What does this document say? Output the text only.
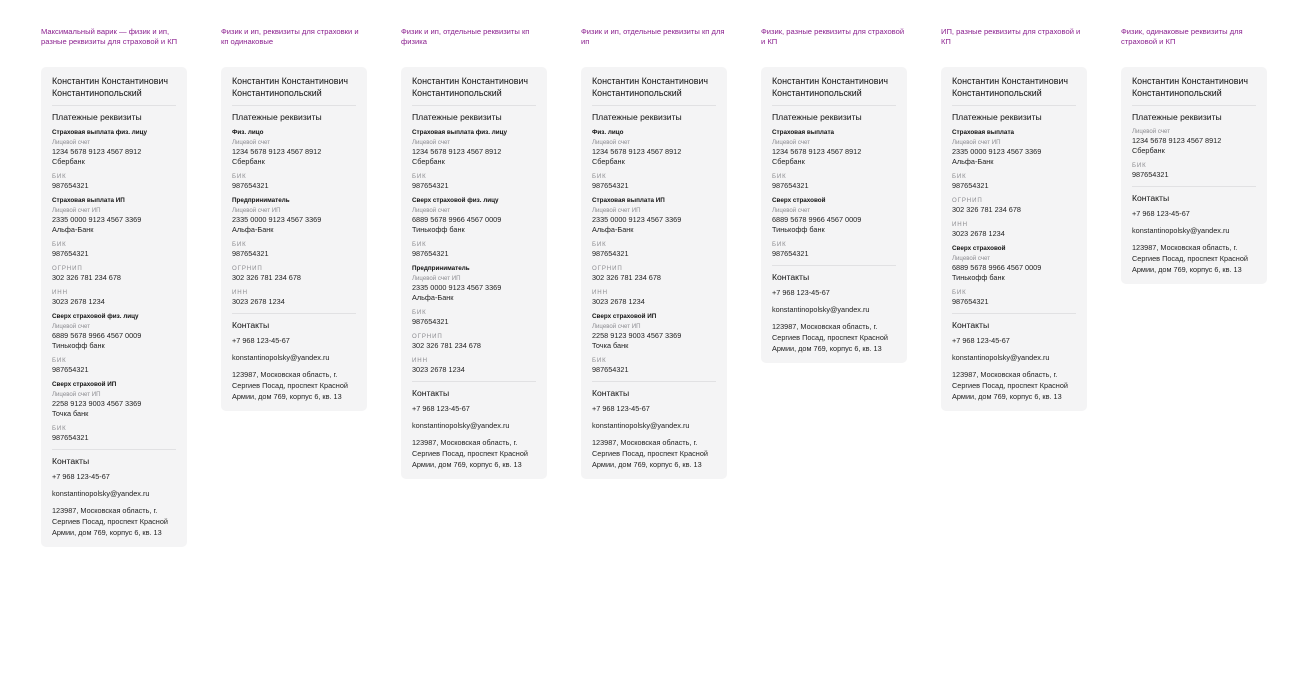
Максимальный варик — физик и ип, разные реквизиты для страховой и КП
Константин Константинович Константинопольский
Платежные реквизиты
Страховая выплата физ. лицу
Лицевой счет
1234 5678 9123 4567 8912
Сбербанк
БИК
987654321
Страховая выплата ИП
Лицевой счет ИП
2335 0000 9123 4567 3369
Альфа-Банк
БИК
987654321
ОГРНИП
302 326 781 234 678
ИНН
3023 2678 1234
Сверх страховой физ. лицу
Лицевой счет
6889 5678 9966 4567 0009
Тинькофф банк
БИК
987654321
Сверх страховой ИП
Лицевой счет ИП
2258 9123 9003 4567 3369
Точка банк
БИК
987654321
Контакты
+7 968 123-45-67
konstantinopolsky@yandex.ru
123987, Московская область, г. Сергиев Посад, проспект Красной Армии, дом 769, корпус 6, кв. 13
Физик и ип, реквизиты для страховки и кп одинаковые
Константин Константинович Константинопольский
Платежные реквизиты
Физ. лицо
Лицевой счет
1234 5678 9123 4567 8912
Сбербанк
БИК
987654321
Предприниматель
Лицевой счет ИП
2335 0000 9123 4567 3369
Альфа-Банк
БИК
987654321
ОГРНИП
302 326 781 234 678
ИНН
3023 2678 1234
Контакты
+7 968 123-45-67
konstantinopolsky@yandex.ru
123987, Московская область, г. Сергиев Посад, проспект Красной Армии, дом 769, корпус 6, кв. 13
Физик и ип, отдельные реквизиты кп физика
Константин Константинович Константинопольский
Платежные реквизиты
Страховая выплата физ. лицу
Лицевой счет
1234 5678 9123 4567 8912
Сбербанк
БИК
987654321
Сверх страховой физ. лицу
Лицевой счет
6889 5678 9966 4567 0009
Тинькофф банк
БИК
987654321
Предприниматель
Лицевой счет ИП
2335 0000 9123 4567 3369
Альфа-Банк
БИК
987654321
ОГРНИП
302 326 781 234 678
ИНН
3023 2678 1234
Контакты
+7 968 123-45-67
konstantinopolsky@yandex.ru
123987, Московская область, г. Сергиев Посад, проспект Красной Армии, дом 769, корпус 6, кв. 13
Физик и ип, отдельные реквизиты кп для ип
Константин Константинович Константинопольский
Платежные реквизиты
Физ. лицо
Лицевой счет
1234 5678 9123 4567 8912
Сбербанк
БИК
987654321
Страховая выплата ИП
Лицевой счет ИП
2335 0000 9123 4567 3369
Альфа-Банк
БИК
987654321
ОГРНИП
302 326 781 234 678
ИНН
3023 2678 1234
Сверх страховой ИП
Лицевой счет ИП
2258 9123 9003 4567 3369
Точка банк
БИК
987654321
Контакты
+7 968 123-45-67
konstantinopolsky@yandex.ru
123987, Московская область, г. Сергиев Посад, проспект Красной Армии, дом 769, корпус 6, кв. 13
Физик, разные реквизиты для страховой и КП
Константин Константинович Константинопольский
Платежные реквизиты
Страховая выплата
Лицевой счет
1234 5678 9123 4567 8912
Сбербанк
БИК
987654321
Сверх страховой
Лицевой счет
6889 5678 9966 4567 0009
Тинькофф банк
БИК
987654321
Контакты
+7 968 123-45-67
konstantinopolsky@yandex.ru
123987, Московская область, г. Сергиев Посад, проспект Красной Армии, дом 769, корпус 6, кв. 13
ИП, разные реквизиты для страховой и КП
Константин Константинович Константинопольский
Платежные реквизиты
Страховая выплата
Лицевой счет ИП
2335 0000 9123 4567 3369
Альфа-Банк
БИК
987654321
ОГРНИП
302 326 781 234 678
ИНН
3023 2678 1234
Сверх страховой
Лицевой счет
6889 5678 9966 4567 0009
Тинькофф банк
БИК
987654321
Контакты
+7 968 123-45-67
konstantinopolsky@yandex.ru
123987, Московская область, г. Сергиев Посад, проспект Красной Армии, дом 769, корпус 6, кв. 13
Физик, одинаковые реквизиты для страховой и КП
Константин Константинович Константинопольский
Платежные реквизиты
Лицевой счет
1234 5678 9123 4567 8912
Сбербанк
БИК
987654321
Контакты
+7 968 123-45-67
konstantinopolsky@yandex.ru
123987, Московская область, г. Сергиев Посад, проспект Красной Армии, дом 769, корпус 6, кв. 13
